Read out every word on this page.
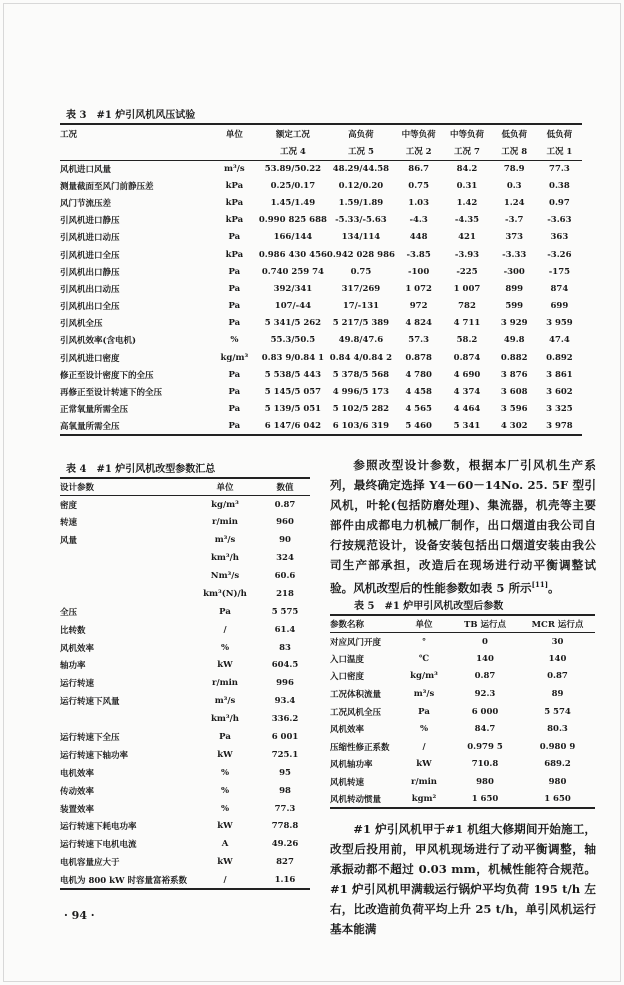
表 3 #1 炉引风机风压试验
工况	单位	额定工况	高负荷	中等负荷	中等负荷	低负荷	低负荷
		工况 4	工况 5	工况 2	工况 7	工况 8	工况 1
风机进口风量	m³/s	53.89/50.22	48.29/44.58	86.7	84.2	78.9	77.3
测量截面至风门前静压差	kPa	0.25/0.17	0.12/0.20	0.75	0.31	0.3	0.38
风门节流压差	kPa	1.45/1.49	1.59/1.89	1.03	1.42	1.24	0.97
引风机进口静压	kPa	0.990 825 688	-5.33/-5.63	-4.3	-4.35	-3.7	-3.63
引风机进口动压	Pa	166/144	134/114	448	421	373	363
引风机进口全压	kPa	0.986 430 456	0.942 028 986	-3.85	-3.93	-3.33	-3.26
引风机出口静压	Pa	0.740 259 74	0.75	-100	-225	-300	-175
引风机出口动压	Pa	392/341	317/269	1 072	1 007	899	874
引风机出口全压	Pa	107/-44	17/-131	972	782	599	699
引风机全压	Pa	5 341/5 262	5 217/5 389	4 824	4 711	3 929	3 959
引风机效率(含电机)	%	55.3/50.5	49.8/47.6	57.3	58.2	49.8	47.4
引风机进口密度	kg/m³	0.83 9/0.84 1	0.84 4/0.84 2	0.878	0.874	0.882	0.892
修正至设计密度下的全压	Pa	5 538/5 443	5 378/5 568	4 780	4 690	3 876	3 861
再修正至设计转速下的全压	Pa	5 145/5 057	4 996/5 173	4 458	4 374	3 608	3 602
正常氧量所需全压	Pa	5 139/5 051	5 102/5 282	4 565	4 464	3 596	3 325
高氧量所需全压	Pa	6 147/6 042	6 103/6 319	5 460	5 341	4 302	3 978
表 4 #1 炉引风机改型参数汇总
设计参数	单位	数值
密度	kg/m³	0.87
转速	r/min	960
风量	m³/s	90
	km³/h	324
	Nm³/s	60.6
	km³(N)/h	218
全压	Pa	5 575
比转数	/	61.4
风机效率	%	83
轴功率	kW	604.5
运行转速	r/min	996
运行转速下风量	m³/s	93.4
	km³/h	336.2
运行转速下全压	Pa	6 001
运行转速下轴功率	kW	725.1
电机效率	%	95
传动效率	%	98
装置效率	%	77.3
运行转速下耗电功率	kW	778.8
运行转速下电机电流	A	49.26
电机容量应大于	kW	827
电机为 800 kW 时容量富裕系数	/	1.16

参照改型设计参数，根据本厂引风机生产系列，最终确定选择 Y4－60－14No. 25. 5F 型引风机，叶轮(包括防磨处理)、集流器，机壳等主要部件由成都电力机械厂制作，出口烟道由我公司自行按规范设计，设备安装包括出口烟道安装由我公司生产部承担，改造后在现场进行动平衡调整试验。风机改型后的性能参数如表 5 所示[11]。

表 5 #1 炉甲引风机改型后参数
参数名称	单位	TB 运行点	MCR 运行点
对应风门开度	°	0	30
入口温度	℃	140	140
入口密度	kg/m³	0.87	0.87
工况体积流量	m³/s	92.3	89
工况风机全压	Pa	6 000	5 574
风机效率	%	84.7	80.3
压缩性修正系数	/	0.979 5	0.980 9
风机轴功率	kW	710.8	689.2
风机转速	r/min	980	980
风机转动惯量	kgm²	1 650	1 650

#1 炉引风机甲于#1 机组大修期间开始施工，改型后投用前，甲风机现场进行了动平衡调整，轴承振动都不超过 0.03 mm，机械性能符合规范。#1 炉引风机甲满载运行锅炉平均负荷 195 t/h 左右，比改造前负荷平均上升 25 t/h，单引风机运行基本能满

· 94 ·
